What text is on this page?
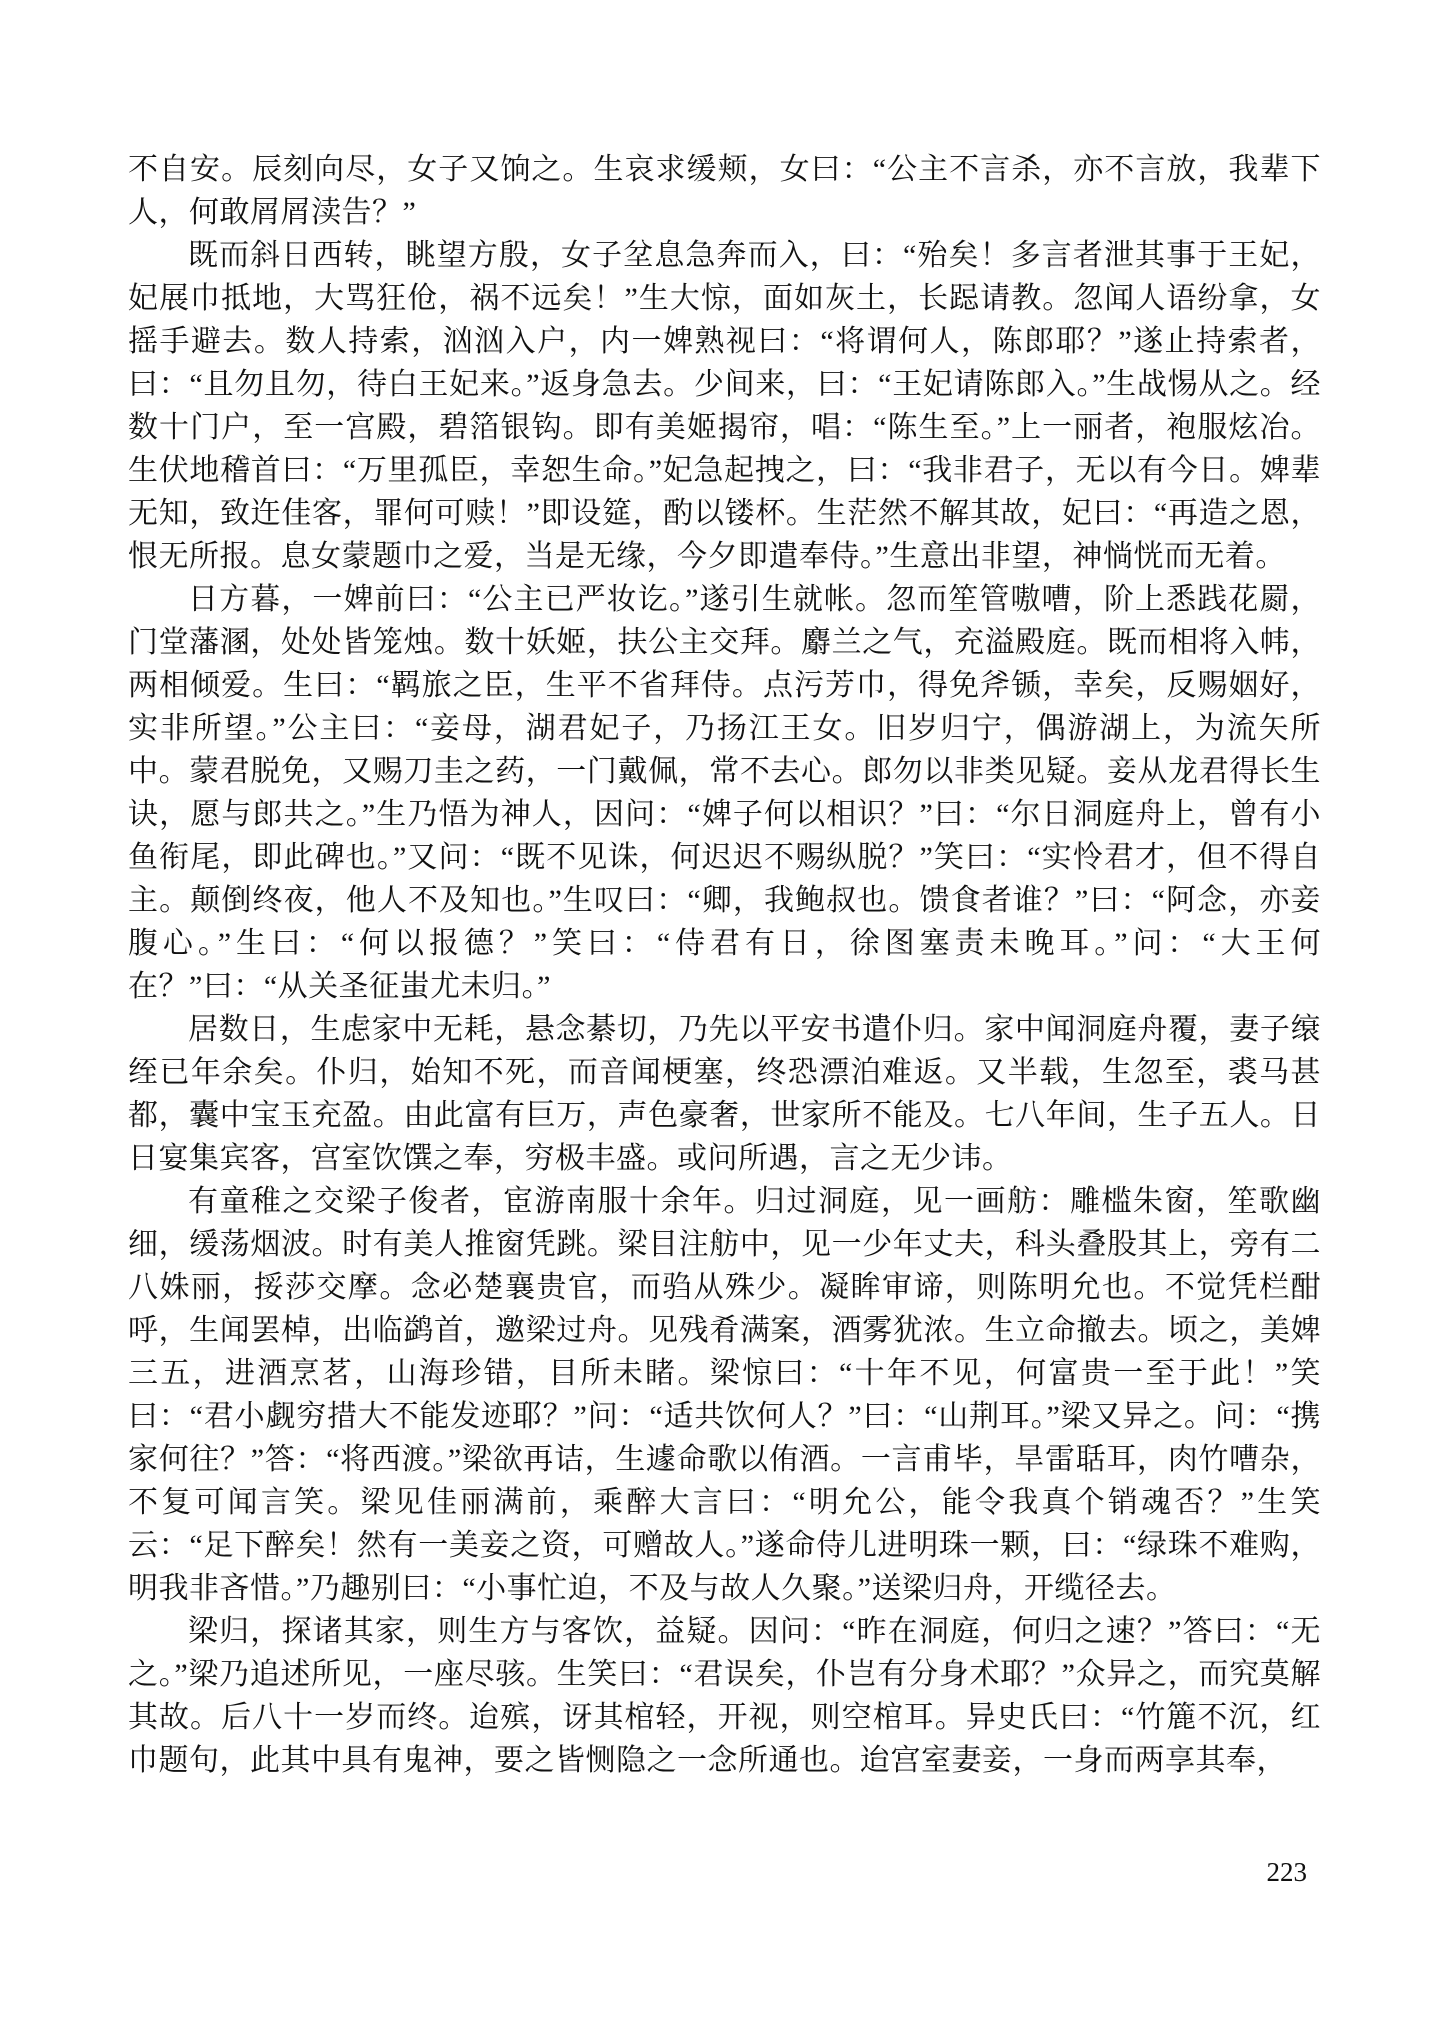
不自安。辰刻向尽，女子又饷之。生哀求缓颊，女曰：“公主不言杀，亦不言放，我辈下人，何敢屑屑渎告？”

既而斜日西转，眺望方殷，女子坌息急奔而入，曰：“殆矣！多言者泄其事于王妃，妃展巾抵地，大骂狂伧，祸不远矣！”生大惊，面如灰土，长跽请教。忽闻人语纷拿，女摇手避去。数人持索，汹汹入户，内一婢熟视曰：“将谓何人，陈郎耶？”遂止持索者，曰：“且勿且勿，待白王妃来。”返身急去。少间来，曰：“王妃请陈郎入。”生战惕从之。经数十门户，至一宫殿，碧箔银钩。即有美姬揭帘，唱：“陈生至。”上一丽者，袍服炫冶。生伏地稽首曰：“万里孤臣，幸恕生命。”妃急起拽之，曰：“我非君子，无以有今日。婢辈无知，致迕佳客，罪何可赎！”即设筵，酌以镂杯。生茫然不解其故，妃曰：“再造之恩，恨无所报。息女蒙题巾之爱，当是无缘，今夕即遣奉侍。”生意出非望，神惝恍而无着。

日方暮，一婢前曰：“公主已严妆讫。”遂引生就帐。忽而笙管嗷嘈，阶上悉践花罽，门堂藩溷，处处皆笼烛。数十妖姬，扶公主交拜。麝兰之气，充溢殿庭。既而相将入帏，两相倾爱。生曰：“羁旅之臣，生平不省拜侍。点污芳巾，得免斧锧，幸矣，反赐姻好，实非所望。”公主曰：“妾母，湖君妃子，乃扬江王女。旧岁归宁，偶游湖上，为流矢所中。蒙君脱免，又赐刀圭之药，一门戴佩，常不去心。郎勿以非类见疑。妾从龙君得长生诀，愿与郎共之。”生乃悟为神人，因问：“婢子何以相识？”曰：“尔日洞庭舟上，曾有小鱼衔尾，即此碑也。”又问：“既不见诛，何迟迟不赐纵脱？”笑曰：“实怜君才，但不得自主。颠倒终夜，他人不及知也。”生叹曰：“卿，我鲍叔也。馈食者谁？”曰：“阿念，亦妾腹心。”生曰：“何以报德？”笑曰：“侍君有日，徐图塞责未晚耳。”问：“大王何在？”曰：“从关圣征蚩尤未归。”

居数日，生虑家中无耗，悬念綦切，乃先以平安书遣仆归。家中闻洞庭舟覆，妻子缞绖已年余矣。仆归，始知不死，而音闻梗塞，终恐漂泊难返。又半载，生忽至，裘马甚都，囊中宝玉充盈。由此富有巨万，声色豪奢，世家所不能及。七八年间，生子五人。日日宴集宾客，宫室饮馔之奉，穷极丰盛。或问所遇，言之无少讳。

有童稚之交梁子俊者，宦游南服十余年。归过洞庭，见一画舫：雕槛朱窗，笙歌幽细，缓荡烟波。时有美人推窗凭跳。梁目注舫中，见一少年丈夫，科头叠股其上，旁有二八姝丽，挼莎交摩。念必楚襄贵官，而驺从殊少。凝眸审谛，则陈明允也。不觉凭栏酣呼，生闻罢棹，出临鹢首，邀梁过舟。见残肴满案，酒雾犹浓。生立命撤去。顷之，美婢三五，进酒烹茗，山海珍错，目所未睹。梁惊曰：“十年不见，何富贵一至于此！”笑曰：“君小觑穷措大不能发迹耶？”问：“适共饮何人？”曰：“山荆耳。”梁又异之。问：“携家何往？”答：“将西渡。”梁欲再诘，生遽命歌以侑酒。一言甫毕，旱雷聒耳，肉竹嘈杂，不复可闻言笑。梁见佳丽满前，乘醉大言曰：“明允公，能令我真个销魂否？”生笑云：“足下醉矣！然有一美妾之资，可赠故人。”遂命侍儿进明珠一颗，曰：“绿珠不难购，明我非吝惜。”乃趣别曰：“小事忙迫，不及与故人久聚。”送梁归舟，开缆径去。

梁归，探诸其家，则生方与客饮，益疑。因问：“昨在洞庭，何归之速？”答曰：“无之。”梁乃追述所见，一座尽骇。生笑曰：“君误矣，仆岂有分身术耶？”众异之，而究莫解其故。后八十一岁而终。迨殡，讶其棺轻，开视，则空棺耳。异史氏曰：“竹簏不沉，红巾题句，此其中具有鬼神，要之皆恻隐之一念所通也。迨宫室妻妾，一身而两享其奉，

223
